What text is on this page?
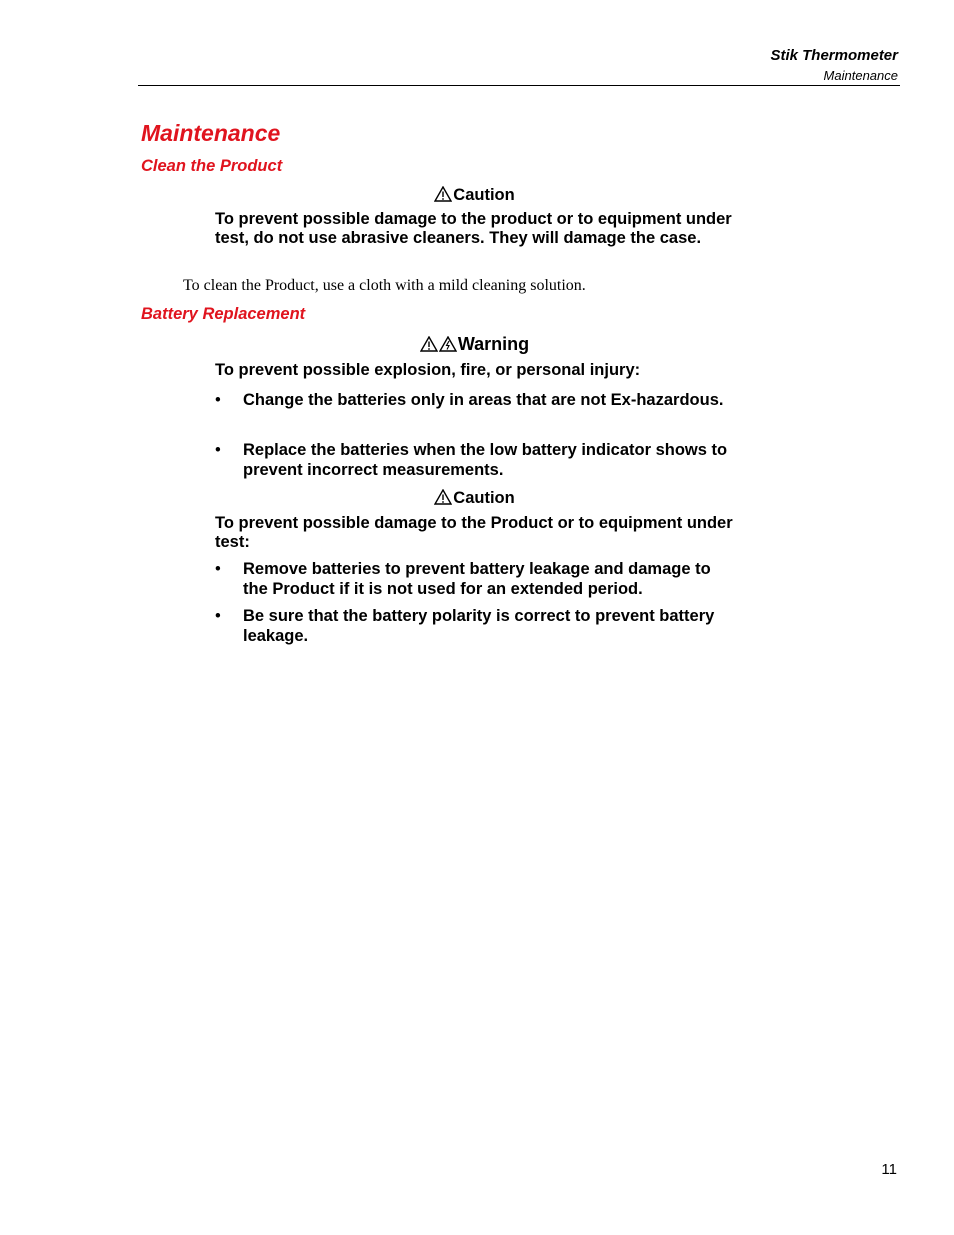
Stik Thermometer
Maintenance
Maintenance
Clean the Product
Caution
To prevent possible damage to the product or to equipment under test, do not use abrasive cleaners. They will damage the case.
To clean the Product, use a cloth with a mild cleaning solution.
Battery Replacement
Warning
To prevent possible explosion, fire, or personal injury:
• Change the batteries only in areas that are not Ex-hazardous.
• Replace the batteries when the low battery indicator shows to prevent incorrect measurements.
Caution
To prevent possible damage to the Product or to equipment under test:
• Remove batteries to prevent battery leakage and damage to the Product if it is not used for an extended period.
• Be sure that the battery polarity is correct to prevent battery leakage.
11
